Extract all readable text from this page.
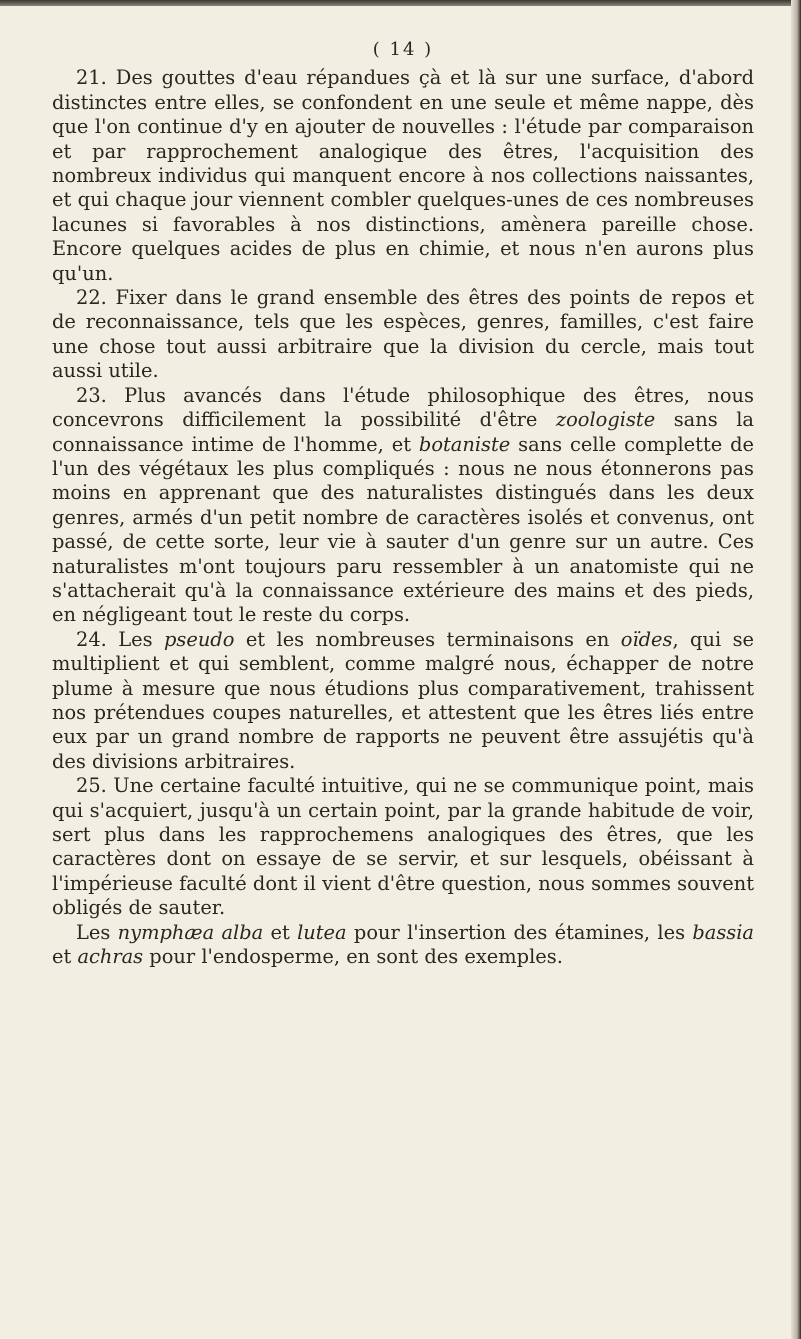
( 14 )

21. Des gouttes d'eau répandues çà et là sur une surface, d'abord distinctes entre elles, se confondent en une seule et même nappe, dès que l'on continue d'y en ajouter de nouvelles : l'étude par comparaison et par rapprochement analogique des êtres, l'acquisition des nombreux individus qui manquent encore à nos collections naissantes, et qui chaque jour viennent combler quelques-unes de ces nombreuses lacunes si favorables à nos distinctions, amènera pareille chose. Encore quelques acides de plus en chimie, et nous n'en aurons plus qu'un.

22. Fixer dans le grand ensemble des êtres des points de repos et de reconnaissance, tels que les espèces, genres, familles, c'est faire une chose tout aussi arbitraire que la division du cercle, mais tout aussi utile.

23. Plus avancés dans l'étude philosophique des êtres, nous concevrons difficilement la possibilité d'être zoologiste sans la connaissance intime de l'homme, et botaniste sans celle complette de l'un des végétaux les plus compliqués : nous ne nous étonnerons pas moins en apprenant que des naturalistes distingués dans les deux genres, armés d'un petit nombre de caractères isolés et convenus, ont passé, de cette sorte, leur vie à sauter d'un genre sur un autre. Ces naturalistes m'ont toujours paru ressembler à un anatomiste qui ne s'attacherait qu'à la connaissance extérieure des mains et des pieds, en négligeant tout le reste du corps.

24. Les pseudo et les nombreuses terminaisons en oïdes, qui se multiplient et qui semblent, comme malgré nous, échapper de notre plume à mesure que nous étudions plus comparativement, trahissent nos prétendues coupes naturelles, et attestent que les êtres liés entre eux par un grand nombre de rapports ne peuvent être assujétis qu'à des divisions arbitraires.

25. Une certaine faculté intuitive, qui ne se communique point, mais qui s'acquiert, jusqu'à un certain point, par la grande habitude de voir, sert plus dans les rapprochemens analogiques des êtres, que les caractères dont on essaye de se servir, et sur lesquels, obéissant à l'impérieuse faculté dont il vient d'être question, nous sommes souvent obligés de sauter.

Les nymphæa alba et lutea pour l'insertion des étamines, les bassia et achras pour l'endosperme, en sont des exemples.
